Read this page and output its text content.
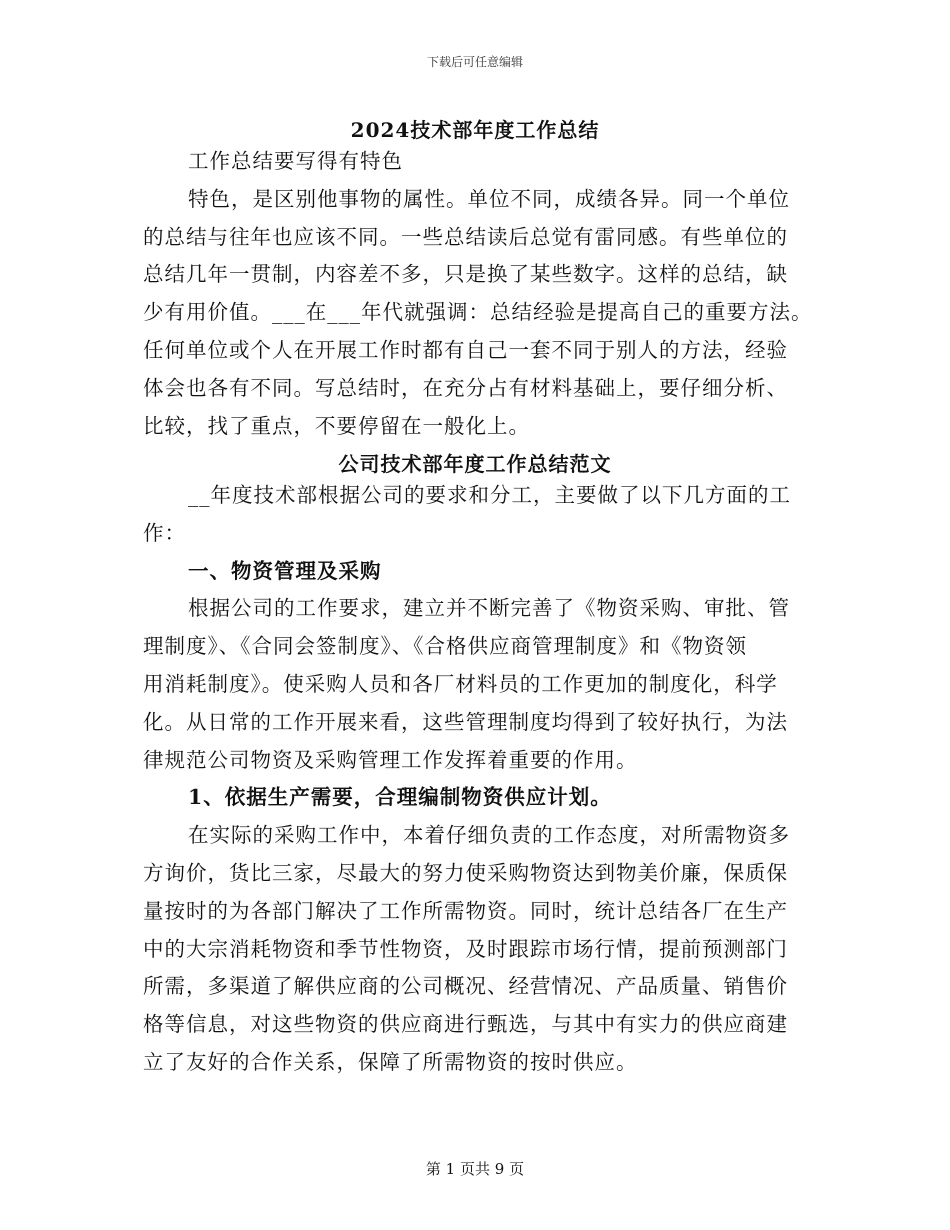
下载后可任意编辑
2024技术部年度工作总结
工作总结要写得有特色
特色，是区别他事物的属性。单位不同，成绩各异。同一个单位
的总结与往年也应该不同。一些总结读后总觉有雷同感。有些单位的
总结几年一贯制，内容差不多，只是换了某些数字。这样的总结，缺
少有用价值。___在___年代就强调：总结经验是提高自己的重要方法。
任何单位或个人在开展工作时都有自己一套不同于别人的方法，经验
体会也各有不同。写总结时，在充分占有材料基础上，要仔细分析、
比较，找了重点，不要停留在一般化上。
公司技术部年度工作总结范文
__年度技术部根据公司的要求和分工，主要做了以下几方面的工
作：
一、物资管理及采购
根据公司的工作要求，建立并不断完善了《物资采购、审批、管
理制度》、《合同会签制度》、《合格供应商管理制度》和《物资领
用消耗制度》。使采购人员和各厂材料员的工作更加的制度化，科学
化。从日常的工作开展来看，这些管理制度均得到了较好执行，为法
律规范公司物资及采购管理工作发挥着重要的作用。
1、依据生产需要，合理编制物资供应计划。
在实际的采购工作中，本着仔细负责的工作态度，对所需物资多
方询价，货比三家，尽最大的努力使采购物资达到物美价廉，保质保
量按时的为各部门解决了工作所需物资。同时，统计总结各厂在生产
中的大宗消耗物资和季节性物资，及时跟踪市场行情，提前预测部门
所需，多渠道了解供应商的公司概况、经营情况、产品质量、销售价
格等信息，对这些物资的供应商进行甄选，与其中有实力的供应商建
立了友好的合作关系，保障了所需物资的按时供应。
第 1 页共 9 页
